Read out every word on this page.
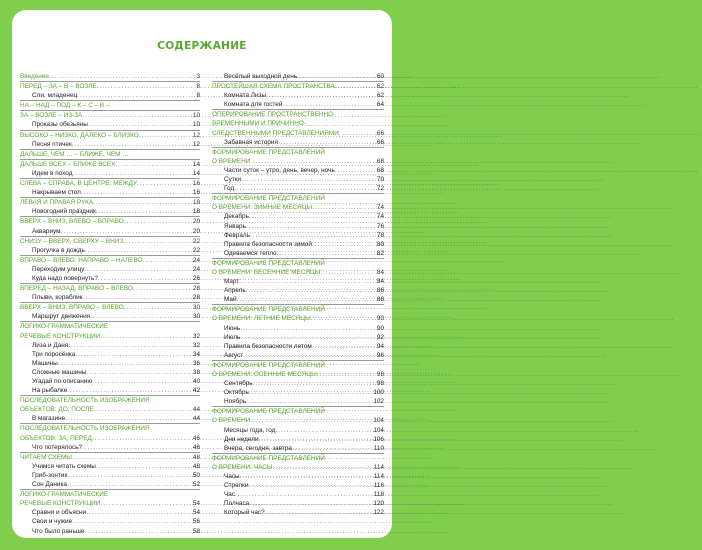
СОДЕРЖАНИЕ
Введение .....	3
ПЕРЕД – ЗА – В – ВОЗЛЕ .....	8
Сли, младенец .....	8
НА – НАД – ПОД – К – С – В –
ЗА – ВОЗЛЕ – ИЗ-ЗА .....	10
Проказы обезьяны .....	10
ВЫСОКО – НИЗКО, ДАЛЕКО – БЛИЗКО .....	12
Песня птичек .....	12
ДАЛЬШЕ, ЧЕМ … – БЛИЖЕ, ЧЕМ …
ДАЛЬШЕ ВСЕХ – БЛИЖЕ ВСЕХ .....	14
Идем в поход .....	14
СЛЕВА – СПРАВА, В ЦЕНТРЕ, МЕЖДУ .....	16
Накрываем стол .....	16
ЛЕВАЯ И ПРАВАЯ РУКА .....	18
Новогодний праздник .....	18
ВВЕРХ – ВНИЗ, ВЛЕВО – ВПРАВО .....	20
Аквариум .....	20
СНИЗУ – ВВЕРХ, СВЕРХУ – ВНИЗ .....	22
Прогулка в дождь .....	22
ВПРАВО – ВЛЕВО, НАПРАВО – НАЛЕВО .....	24
Переходим улицу .....	24
Куда надо повернуть? .....	26
ВПЕРЕД – НАЗАД, ВПРАВО – ВЛЕВО .....	28
Плыви, кораблик .....	28
ВВЕРХ – ВНИЗ, ВПРАВО – ВЛЕВО .....	30
Маршрут движения .....	30
ЛОГИКО-ГРАММАТИЧЕСКИЕ
РЕЧЕВЫЕ КОНСТРУКЦИИ .....	32
Лиза и Даня .....	32
Три поросёнка .....	34
Машины .....	36
Сложные машины .....	38
Угадай по описанию .....	40
На рыбалке .....	42
ПОСЛЕДОВАТЕЛЬНОСТЬ ИЗОБРАЖЕНИЯ
ОБЪЕКТОВ: ДО, ПОСЛЕ .....	44
В магазине .....	44
ПОСЛЕДОВАТЕЛЬНОСТЬ ИЗОБРАЖЕНИЯ
ОБЪЕКТОВ: ЗА, ПЕРЕД .....	46
Что потерялось? .....	46
ЧИТАЕМ СХЕМЫ .....	48
Учимся читать схемы .....	48
Гриб-зонтик .....	50
Сон Даника .....	52
ЛОГИКО-ГРАММАТИЧЕСКИЕ
РЕЧЕВЫЕ КОНСТРУКЦИИ .....	54
Сравни и объясни .....	54
Свои и чужие .....	56
Что было раньше .....	58
Весёлый выходной день .....	60
ПРОСТЕЙШАЯ СХЕМА ПРОСТРАНСТВА .....	62
Комната Лизы .....	62
Комната для гостей .....	64
ОПЕРИРОВАНИЕ ПРОСТРАНСТВЕННО-
ВРЕМЕННЫМИ И ПРИЧИННО-
СЛЕДСТВЕННЫМИ ПРЕДСТАВЛЕНИЯМИ .....	66
Забавная история .....	66
ФОРМИРОВАНИЕ ПРЕДСТАВЛЕНИЙ
О ВРЕМЕНИ .....	68
Части суток – утро, день, вечер, ночь .....	68
Сутки .....	70
Год .....	72
ФОРМИРОВАНИЕ ПРЕДСТАВЛЕНИЙ
О ВРЕМЕНИ: ЗИМНИЕ МЕСЯЦЫ .....	74
Декабрь .....	74
Январь .....	76
Февраль .....	78
Правила безопасности зимой .....	80
Одеваемся тепло .....	82
ФОРМИРОВАНИЕ ПРЕДСТАВЛЕНИЙ
О ВРЕМЕНИ: ВЕСЕННИЕ МЕСЯЦЫ .....	84
Март .....	84
Апрель .....	86
Май .....	88
ФОРМИРОВАНИЕ ПРЕДСТАВЛЕНИЙ
О ВРЕМЕНИ: ЛЕТНИЕ МЕСЯЦЫ .....	90
Июнь .....	90
Июль .....	92
Правила безопасности летом .....	94
Август .....	96
ФОРМИРОВАНИЕ ПРЕДСТАВЛЕНИЙ
О ВРЕМЕНИ: ОСЕННИЕ МЕСЯЦЫ .....	98
Сентябрь .....	98
Октябрь .....	100
Ноябрь .....	102
ФОРМИРОВАНИЕ ПРЕДСТАВЛЕНИЙ
О ВРЕМЕНИ .....	104
Месяцы года, год .....	104
Дни недели .....	106
Вчера, сегодня, завтра .....	110
ФОРМИРОВАНИЕ ПРЕДСТАВЛЕНИЙ
О ВРЕМЕНИ: ЧАСЫ .....	114
Часы .....	114
Стрелки .....	116
Час .....	118
Полчаса .....	120
Который час? .....	122
